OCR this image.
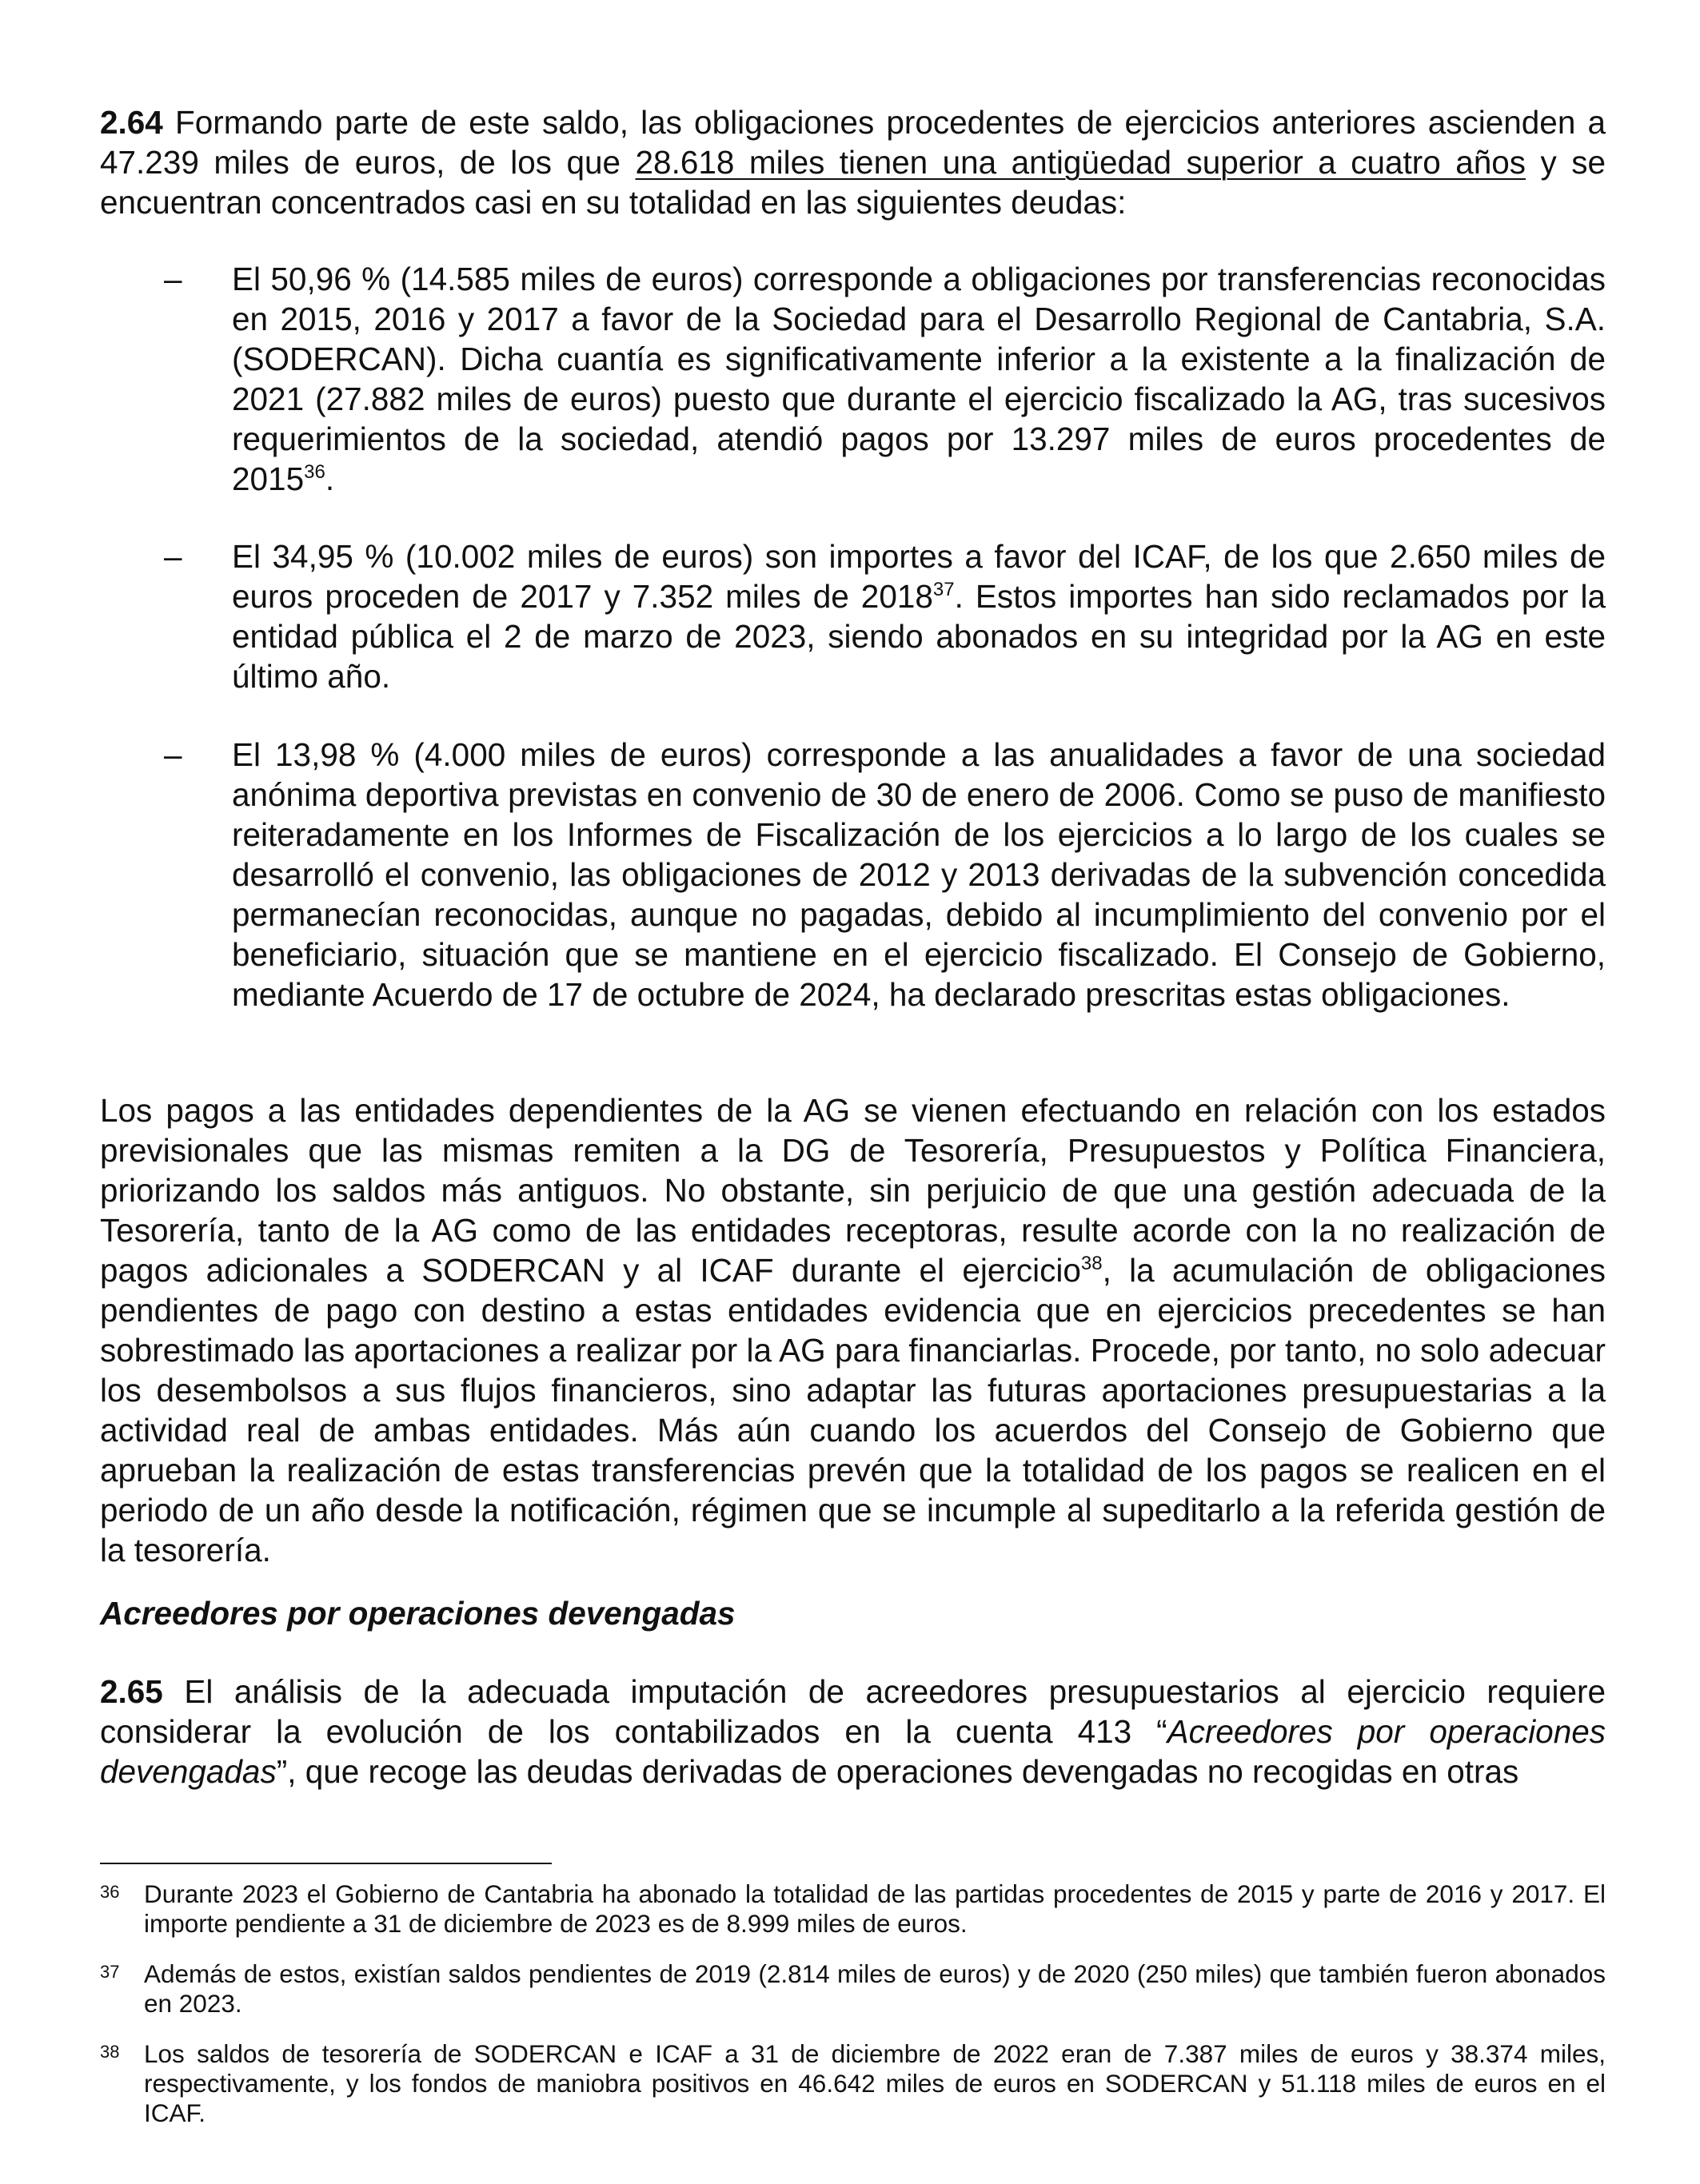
2.64 Formando parte de este saldo, las obligaciones procedentes de ejercicios anteriores ascienden a 47.239 miles de euros, de los que 28.618 miles tienen una antigüedad superior a cuatro años y se encuentran concentrados casi en su totalidad en las siguientes deudas:

– El 50,96 % (14.585 miles de euros) corresponde a obligaciones por transferencias reconocidas en 2015, 2016 y 2017 a favor de la Sociedad para el Desarrollo Regional de Cantabria, S.A. (SODERCAN). Dicha cuantía es significativamente inferior a la existente a la finalización de 2021 (27.882 miles de euros) puesto que durante el ejercicio fiscalizado la AG, tras sucesivos requerimientos de la sociedad, atendió pagos por 13.297 miles de euros procedentes de 2015$^{36}$.

– El 34,95 % (10.002 miles de euros) son importes a favor del ICAF, de los que 2.650 miles de euros proceden de 2017 y 7.352 miles de 2018$^{37}$. Estos importes han sido reclamados por la entidad pública el 2 de marzo de 2023, siendo abonados en su integridad por la AG en este último año.

– El 13,98 % (4.000 miles de euros) corresponde a las anualidades a favor de una sociedad anónima deportiva previstas en convenio de 30 de enero de 2006. Como se puso de manifiesto reiteradamente en los Informes de Fiscalización de los ejercicios a lo largo de los cuales se desarrolló el convenio, las obligaciones de 2012 y 2013 derivadas de la subvención concedida permanecían reconocidas, aunque no pagadas, debido al incumplimiento del convenio por el beneficiario, situación que se mantiene en el ejercicio fiscalizado. El Consejo de Gobierno, mediante Acuerdo de 17 de octubre de 2024, ha declarado prescritas estas obligaciones.

Los pagos a las entidades dependientes de la AG se vienen efectuando en relación con los estados previsionales que las mismas remiten a la DG de Tesorería, Presupuestos y Política Financiera, priorizando los saldos más antiguos. No obstante, sin perjuicio de que una gestión adecuada de la Tesorería, tanto de la AG como de las entidades receptoras, resulte acorde con la no realización de pagos adicionales a SODERCAN y al ICAF durante el ejercicio$^{38}$, la acumulación de obligaciones pendientes de pago con destino a estas entidades evidencia que en ejercicios precedentes se han sobrestimado las aportaciones a realizar por la AG para financiarlas. Procede, por tanto, no solo adecuar los desembolsos a sus flujos financieros, sino adaptar las futuras aportaciones presupuestarias a la actividad real de ambas entidades. Más aún cuando los acuerdos del Consejo de Gobierno que aprueban la realización de estas transferencias prevén que la totalidad de los pagos se realicen en el periodo de un año desde la notificación, régimen que se incumple al supeditarlo a la referida gestión de la tesorería.

Acreedores por operaciones devengadas

2.65 El análisis de la adecuada imputación de acreedores presupuestarios al ejercicio requiere considerar la evolución de los contabilizados en la cuenta 413 “Acreedores por operaciones devengadas”, que recoge las deudas derivadas de operaciones devengadas no recogidas en otras

36 Durante 2023 el Gobierno de Cantabria ha abonado la totalidad de las partidas procedentes de 2015 y parte de 2016 y 2017. El importe pendiente a 31 de diciembre de 2023 es de 8.999 miles de euros.

37 Además de estos, existían saldos pendientes de 2019 (2.814 miles de euros) y de 2020 (250 miles) que también fueron abonados en 2023.

38 Los saldos de tesorería de SODERCAN e ICAF a 31 de diciembre de 2022 eran de 7.387 miles de euros y 38.374 miles, respectivamente, y los fondos de maniobra positivos en 46.642 miles de euros en SODERCAN y 51.118 miles de euros en el ICAF.
